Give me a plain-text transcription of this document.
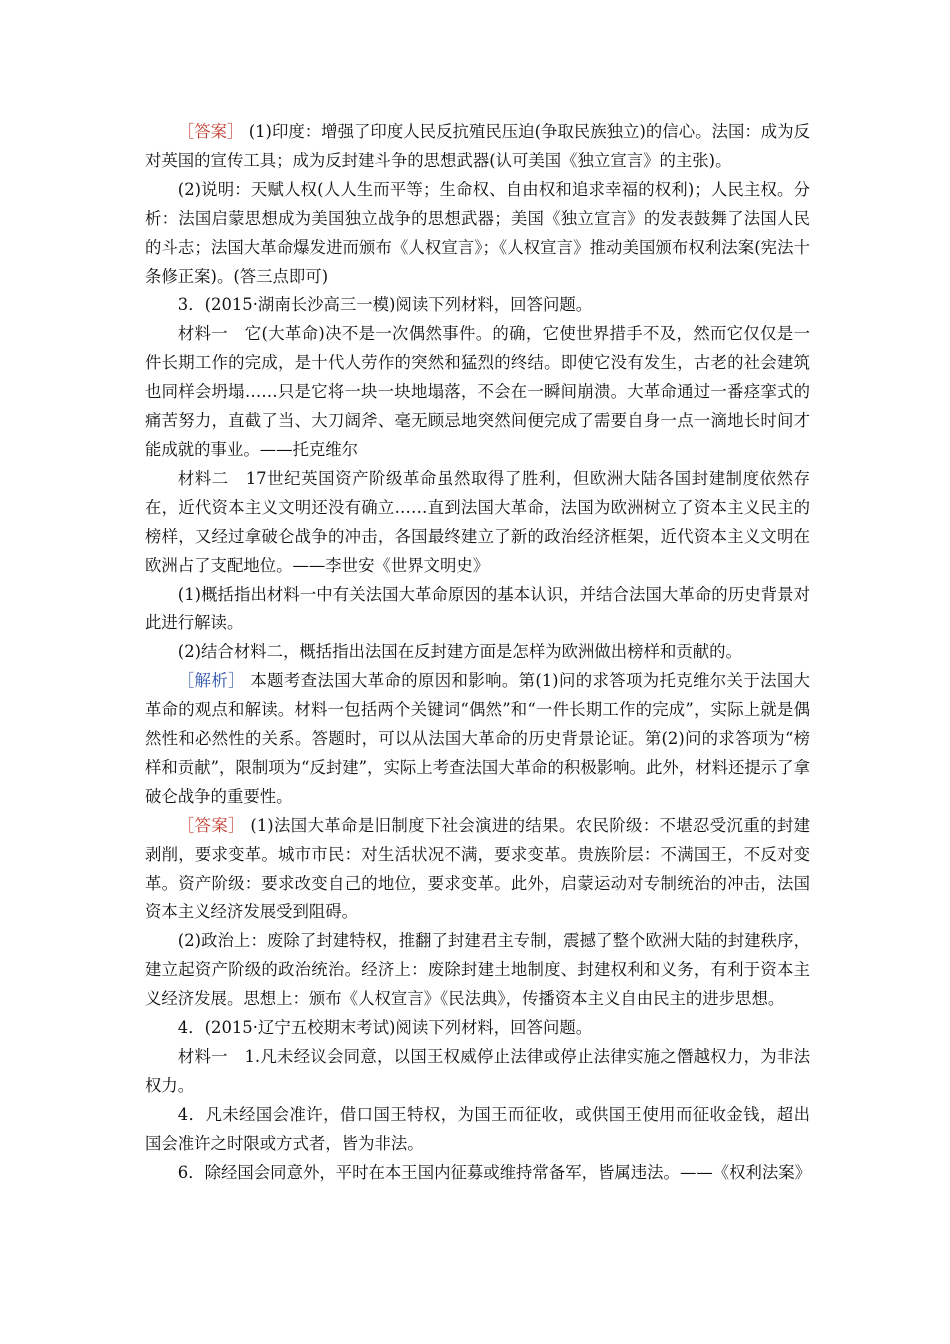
［答案］ (1)印度：增强了印度人民反抗殖民压迫(争取民族独立)的信心。法国：成为反对英国的宣传工具；成为反封建斗争的思想武器(认可美国《独立宣言》的主张)。

(2)说明：天赋人权(人人生而平等；生命权、自由权和追求幸福的权利)；人民主权。分析：法国启蒙思想成为美国独立战争的思想武器；美国《独立宣言》的发表鼓舞了法国人民的斗志；法国大革命爆发进而颁布《人权宣言》；《人权宣言》推动美国颁布权利法案(宪法十条修正案)。(答三点即可)

3．(2015·湖南长沙高三一模)阅读下列材料，回答问题。

材料一　它(大革命)决不是一次偶然事件。的确，它使世界措手不及，然而它仅仅是一件长期工作的完成，是十代人劳作的突然和猛烈的终结。即使它没有发生，古老的社会建筑也同样会坍塌……只是它将一块一块地塌落，不会在一瞬间崩溃。大革命通过一番痉挛式的痛苦努力，直截了当、大刀阔斧、毫无顾忌地突然间便完成了需要自身一点一滴地长时间才能成就的事业。——托克维尔

材料二　17世纪英国资产阶级革命虽然取得了胜利，但欧洲大陆各国封建制度依然存在，近代资本主义文明还没有确立……直到法国大革命，法国为欧洲树立了资本主义民主的榜样，又经过拿破仑战争的冲击，各国最终建立了新的政治经济框架，近代资本主义文明在欧洲占了支配地位。——李世安《世界文明史》

(1)概括指出材料一中有关法国大革命原因的基本认识，并结合法国大革命的历史背景对此进行解读。

(2)结合材料二，概括指出法国在反封建方面是怎样为欧洲做出榜样和贡献的。

［解析］ 本题考查法国大革命的原因和影响。第(1)问的求答项为托克维尔关于法国大革命的观点和解读。材料一包括两个关键词“偶然”和“一件长期工作的完成”，实际上就是偶然性和必然性的关系。答题时，可以从法国大革命的历史背景论证。第(2)问的求答项为“榜样和贡献”，限制项为“反封建”，实际上考查法国大革命的积极影响。此外，材料还提示了拿破仑战争的重要性。

［答案］ (1)法国大革命是旧制度下社会演进的结果。农民阶级：不堪忍受沉重的封建剥削，要求变革。城市市民：对生活状况不满，要求变革。贵族阶层：不满国王，不反对变革。资产阶级：要求改变自己的地位，要求变革。此外，启蒙运动对专制统治的冲击，法国资本主义经济发展受到阻碍。

(2)政治上：废除了封建特权，推翻了封建君主专制，震撼了整个欧洲大陆的封建秩序，建立起资产阶级的政治统治。经济上：废除封建土地制度、封建权利和义务，有利于资本主义经济发展。思想上：颁布《人权宣言》《民法典》，传播资本主义自由民主的进步思想。

4．(2015·辽宁五校期末考试)阅读下列材料，回答问题。

材料一　1.凡未经议会同意，以国王权威停止法律或停止法律实施之僭越权力，为非法权力。

4．凡未经国会准许，借口国王特权，为国王而征收，或供国王使用而征收金钱，超出国会准许之时限或方式者，皆为非法。

6．除经国会同意外，平时在本王国内征募或维持常备军，皆属违法。——《权利法案》
